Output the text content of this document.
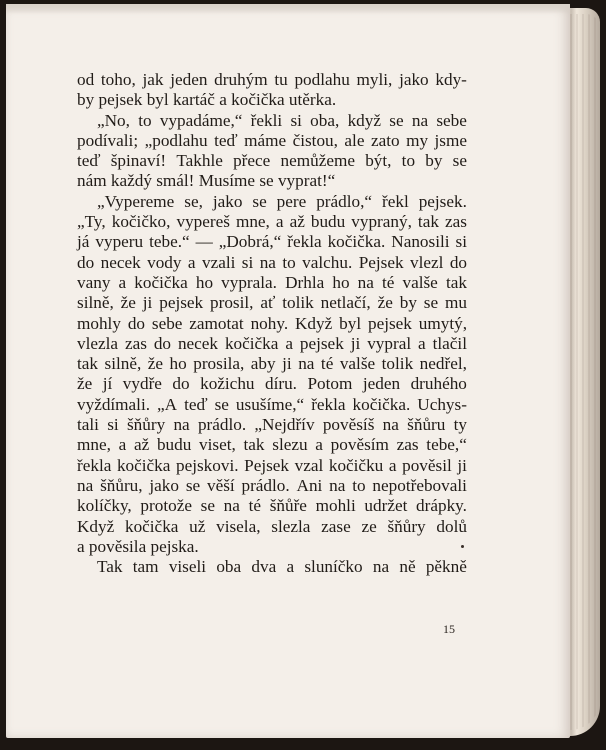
od toho, jak jeden druhým tu podlahu myli, jako kdy-
by pejsek byl kartáč a kočička utěrka.
„No, to vypadáme,“ řekli si oba, když se na sebe
podívali; „podlahu teď máme čistou, ale zato my jsme
teď špinaví! Takhle přece nemůžeme být, to by se
nám každý smál! Musíme se vyprat!“
„Vypereme se, jako se pere prádlo,“ řekl pejsek.
„Ty, kočičko, vypereš mne, a až budu vypraný, tak zas
já vyperu tebe.“ — „Dobrá,“ řekla kočička. Nanosili si
do necek vody a vzali si na to valchu. Pejsek vlezl do
vany a kočička ho vyprala. Drhla ho na té valše tak
silně, že ji pejsek prosil, ať tolik netlačí, že by se mu
mohly do sebe zamotat nohy. Když byl pejsek umytý,
vlezla zas do necek kočička a pejsek ji vypral a tlačil
tak silně, že ho prosila, aby ji na té valše tolik nedřel,
že jí vydře do kožichu díru. Potom jeden druhého
vyždímali. „A teď se usušíme,“ řekla kočička. Uchys-
tali si šňůry na prádlo. „Nejdřív pověsíš na šňůru ty
mne, a až budu viset, tak slezu a pověsím zas tebe,“
řekla kočička pejskovi. Pejsek vzal kočičku a pověsil ji
na šňůru, jako se věší prádlo. Ani na to nepotřebovali
kolíčky, protože se na té šňůře mohli udržet drápky.
Když kočička už visela, slezla zase ze šňůry dolů
a pověsila pejska.
Tak tam viseli oba dva a sluníčko na ně pěkně
15
